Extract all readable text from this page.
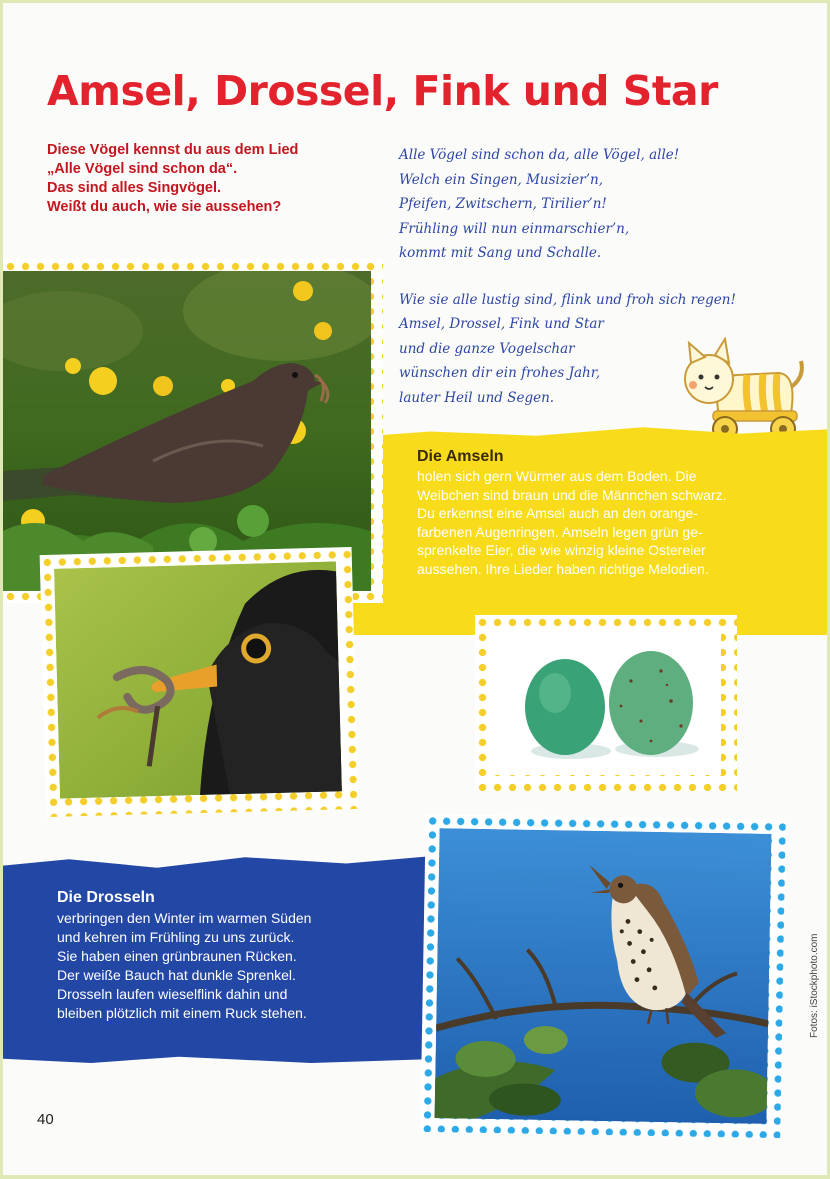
Amsel, Drossel, Fink und Star

Diese Vögel kennst du aus dem Lied
„Alle Vögel sind schon da“.
Das sind alles Singvögel.
Weißt du auch, wie sie aussehen?

Alle Vögel sind schon da, alle Vögel, alle!
Welch ein Singen, Musizier’n,
Pfeifen, Zwitschern, Tirilier’n!
Frühling will nun einmarschier’n,
kommt mit Sang und Schalle.
Wie sie alle lustig sind, flink und froh sich regen!
Amsel, Drossel, Fink und Star
und die ganze Vogelschar
wünschen dir ein frohes Jahr,
lauter Heil und Segen.
Die Amseln
holen sich gern Würmer aus dem Boden. Die
Weibchen sind braun und die Männchen schwarz.
Du erkennst eine Amsel auch an den orange-
farbenen Augenringen. Amseln legen grün ge-
sprenkelte Eier, die wie winzig kleine Ostereier
aussehen. Ihre Lieder haben richtige Melodien.
Die Drosseln
verbringen den Winter im warmen Süden
und kehren im Frühling zu uns zurück.
Sie haben einen grünbraunen Rücken.
Der weiße Bauch hat dunkle Sprenkel.
Drosseln laufen wieselflink dahin und
bleiben plötzlich mit einem Ruck stehen.	Fotos: iStockphoto.com
40
